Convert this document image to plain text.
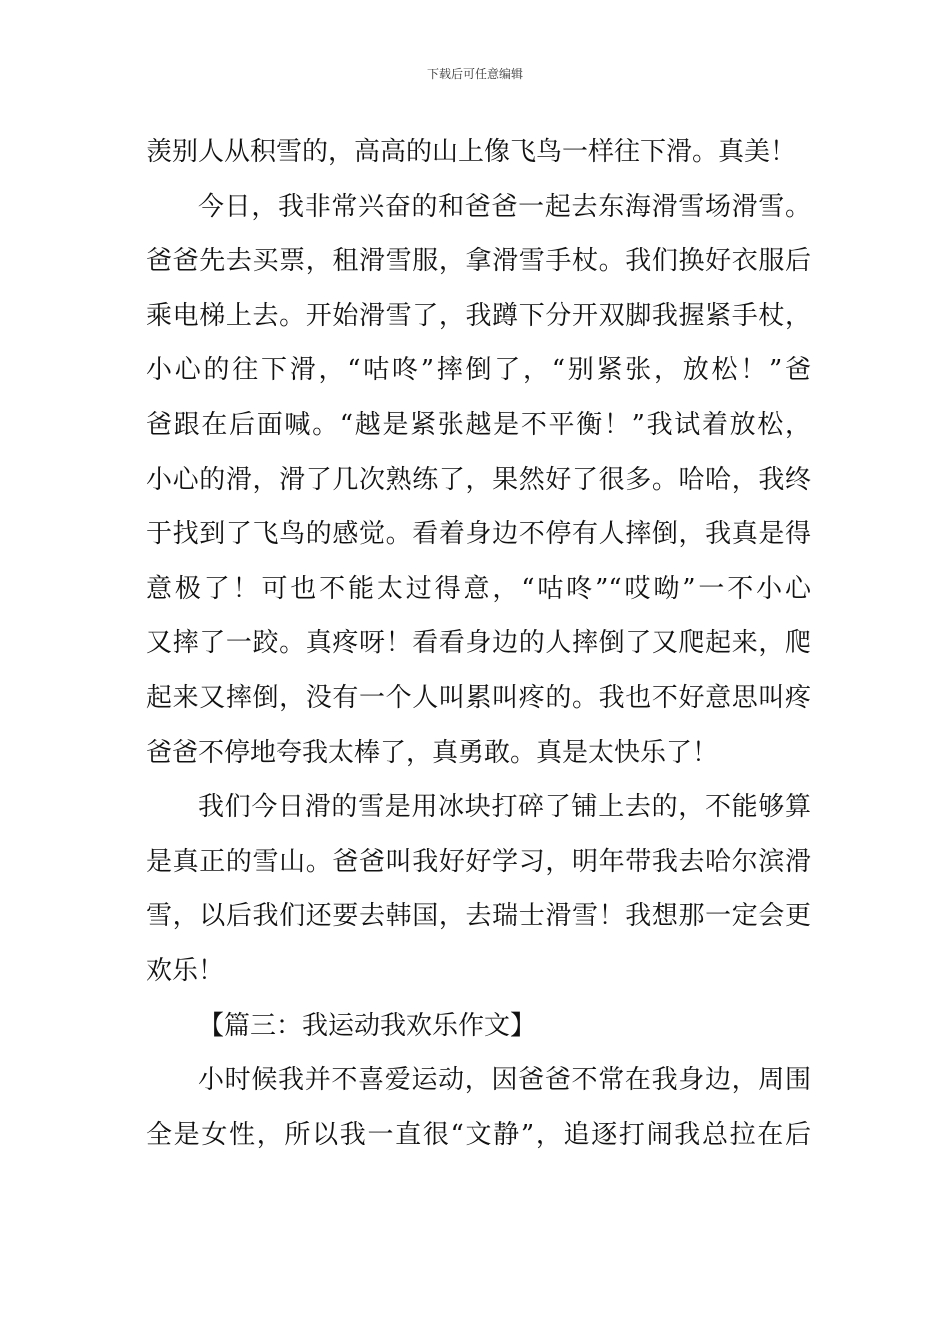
下载后可任意编辑
羡别人从积雪的，高高的山上像飞鸟一样往下滑。真美！
今日，我非常兴奋的和爸爸一起去东海滑雪场滑雪。
爸爸先去买票，租滑雪服，拿滑雪手杖。我们换好衣服后
乘电梯上去。开始滑雪了，我蹲下分开双脚我握紧手杖，
小心的往下滑，“咕咚”摔倒了，“别紧张，放松！”爸
爸跟在后面喊。“越是紧张越是不平衡！”我试着放松，
小心的滑，滑了几次熟练了，果然好了很多。哈哈，我终
于找到了飞鸟的感觉。看着身边不停有人摔倒，我真是得
意极了！可也不能太过得意，“咕咚”“哎呦”一不小心
又摔了一跤。真疼呀！看看身边的人摔倒了又爬起来，爬
起来又摔倒，没有一个人叫累叫疼的。我也不好意思叫疼
爸爸不停地夸我太棒了，真勇敢。真是太快乐了！
我们今日滑的雪是用冰块打碎了铺上去的，不能够算
是真正的雪山。爸爸叫我好好学习，明年带我去哈尔滨滑
雪，以后我们还要去韩国，去瑞士滑雪！我想那一定会更
欢乐！
【篇三：我运动我欢乐作文】
小时候我并不喜爱运动，因爸爸不常在我身边，周围
全是女性，所以我一直很“文静”，追逐打闹我总拉在后
